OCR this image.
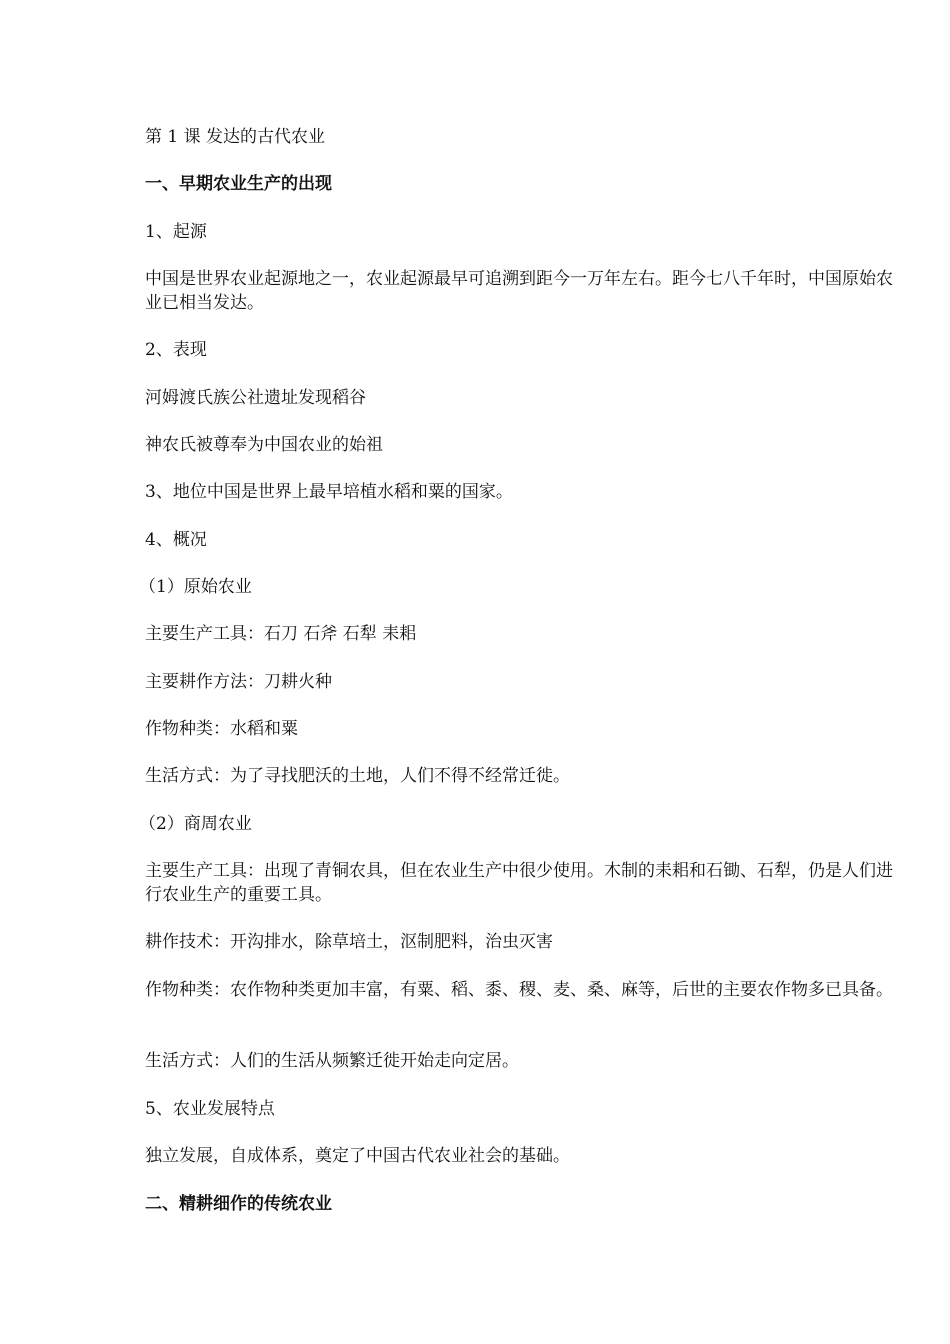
第 1 课 发达的古代农业
一、早期农业生产的出现
1、起源
中国是世界农业起源地之一，农业起源最早可追溯到距今一万年左右。距今七八千年时，中国原始农业已相当发达。
2、表现
河姆渡氏族公社遗址发现稻谷
神农氏被尊奉为中国农业的始祖
3、地位中国是世界上最早培植水稻和粟的国家。
4、概况
（1）原始农业
主要生产工具：石刀 石斧 石犁 耒耜
主要耕作方法：刀耕火种
作物种类：水稻和粟
生活方式：为了寻找肥沃的土地，人们不得不经常迁徙。
（2）商周农业
主要生产工具：出现了青铜农具，但在农业生产中很少使用。木制的耒耜和石锄、石犁，仍是人们进行农业生产的重要工具。
耕作技术：开沟排水，除草培土，沤制肥料，治虫灭害
作物种类：农作物种类更加丰富，有粟、稻、黍、稷、麦、桑、麻等，后世的主要农作物多已具备。
生活方式：人们的生活从频繁迁徙开始走向定居。
5、农业发展特点
独立发展，自成体系，奠定了中国古代农业社会的基础。
二、精耕细作的传统农业
